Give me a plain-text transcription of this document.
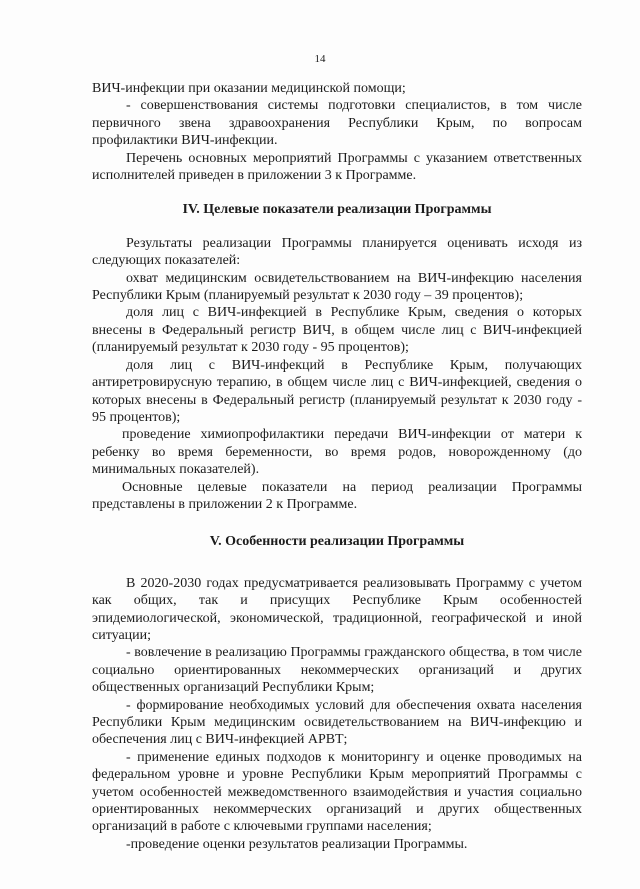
14

ВИЧ-инфекции при оказании медицинской помощи;

- совершенствования системы подготовки специалистов, в том числе первичного звена здравоохранения Республики Крым, по вопросам профилактики ВИЧ-инфекции.

Перечень основных мероприятий Программы с указанием ответственных исполнителей приведен в приложении 3 к Программе.

IV. Целевые показатели реализации Программы

Результаты реализации Программы планируется оценивать исходя из следующих показателей:

охват медицинским освидетельствованием на ВИЧ-инфекцию населения Республики Крым (планируемый результат к 2030 году – 39 процентов);

доля лиц с ВИЧ-инфекцией в Республике Крым, сведения о которых внесены в Федеральный регистр ВИЧ, в общем числе лиц с ВИЧ-инфекцией (планируемый результат к 2030 году - 95 процентов);

доля лиц с ВИЧ-инфекций в Республике Крым, получающих антиретровирусную терапию, в общем числе лиц с ВИЧ-инфекцией, сведения о которых внесены в Федеральный регистр (планируемый результат к 2030 году - 95 процентов);

проведение химиопрофилактики передачи ВИЧ-инфекции от матери к ребенку во время беременности, во время родов, новорожденному (до минимальных показателей).

Основные целевые показатели на период реализации Программы представлены в приложении 2 к Программе.

V. Особенности реализации Программы

В 2020-2030 годах предусматривается реализовывать Программу с учетом как общих, так и присущих Республике Крым особенностей эпидемиологической, экономической, традиционной, географической и иной ситуации;

- вовлечение в реализацию Программы гражданского общества, в том числе социально ориентированных некоммерческих организаций и других общественных организаций Республики Крым;

- формирование необходимых условий для обеспечения охвата населения Республики Крым медицинским освидетельствованием на ВИЧ-инфекцию и обеспечения лиц с ВИЧ-инфекцией АРВТ;

- применение единых подходов к мониторингу и оценке проводимых на федеральном уровне и уровне Республики Крым мероприятий Программы с учетом особенностей межведомственного взаимодействия и участия социально ориентированных некоммерческих организаций и других общественных организаций в работе с ключевыми группами населения;

-проведение оценки результатов реализации Программы.
